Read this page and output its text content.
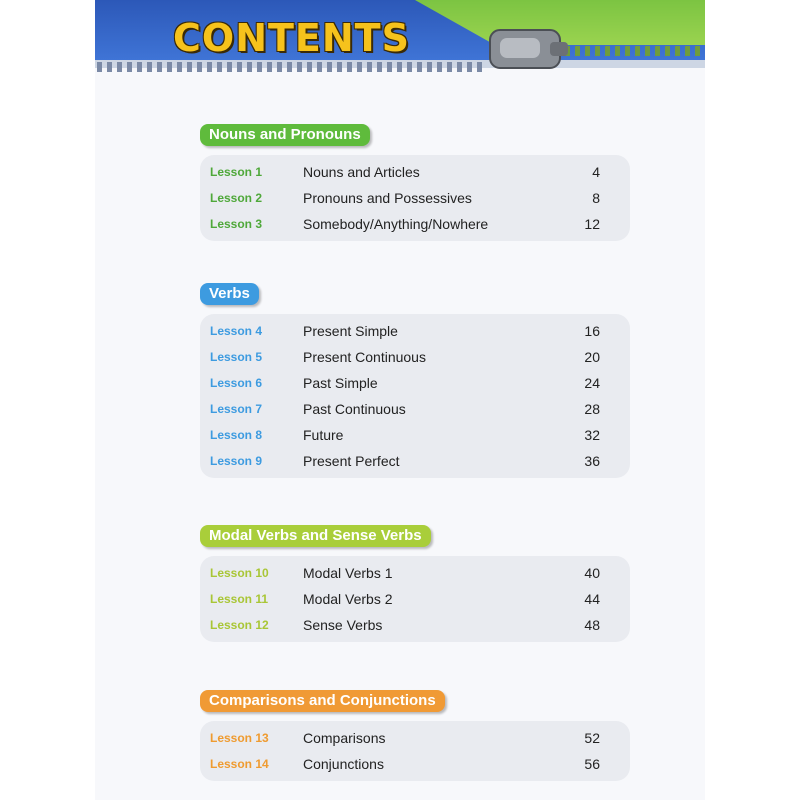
CONTENTS
Nouns and Pronouns
Lesson 1	Nouns and Articles	4
Lesson 2	Pronouns and Possessives	8
Lesson 3	Somebody/Anything/Nowhere	12
Verbs
Lesson 4	Present Simple	16
Lesson 5	Present Continuous	20
Lesson 6	Past Simple	24
Lesson 7	Past Continuous	28
Lesson 8	Future	32
Lesson 9	Present Perfect	36
Modal Verbs and Sense Verbs
Lesson 10 Modal Verbs 1	40
Lesson 11 Modal Verbs 2	44
Lesson 12 Sense Verbs	48
Comparisons and Conjunctions
Lesson 13 Comparisons	52
Lesson 14 Conjunctions	56
